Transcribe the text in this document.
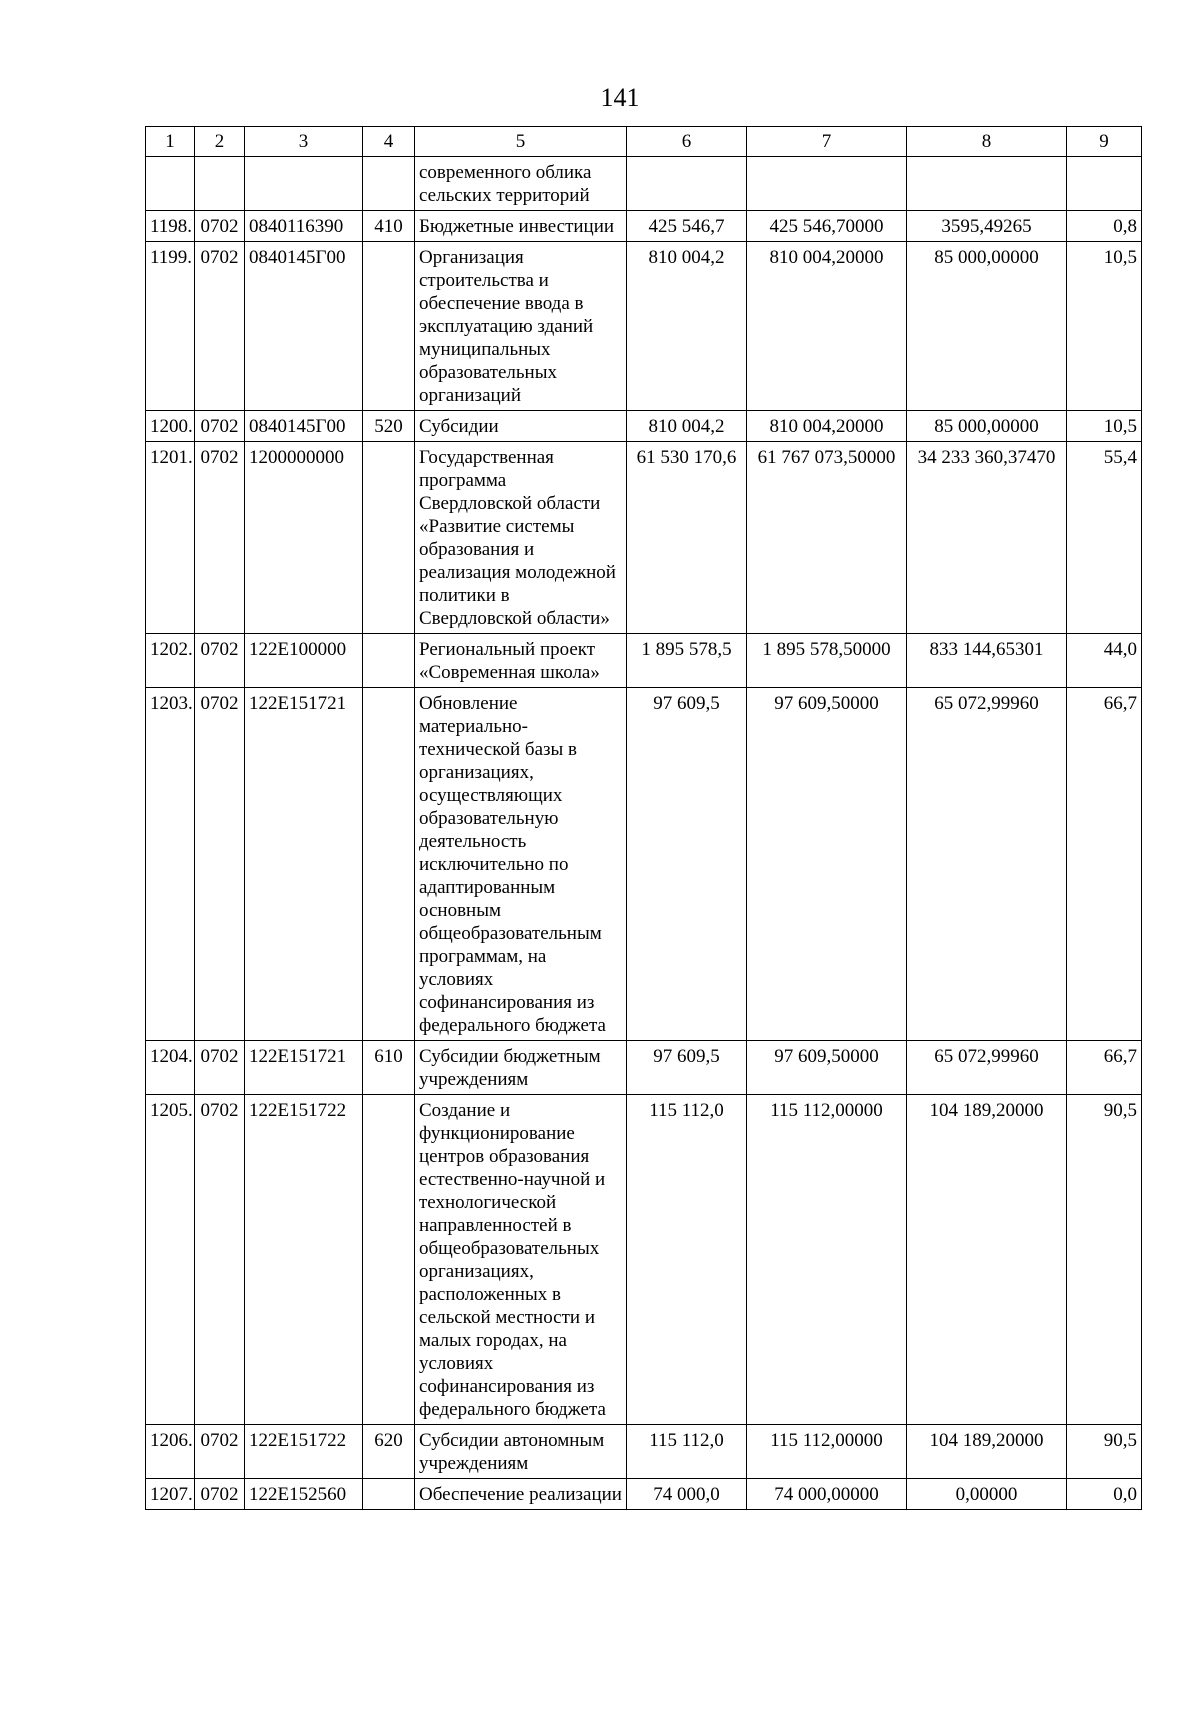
141
1	2	3	4	5	6	7	8	9
				современного облика сельских территорий				
1198.	0702	0840116390	410	Бюджетные инвестиции	425 546,7	425 546,70000	3595,49265	0,8
1199.	0702	0840145Г00		Организация строительства и обеспечение ввода в эксплуатацию зданий муниципальных образовательных организаций	810 004,2	810 004,20000	85 000,00000	10,5
1200.	0702	0840145Г00	520	Субсидии	810 004,2	810 004,20000	85 000,00000	10,5
1201.	0702	1200000000		Государственная программа Свердловской области «Развитие системы образования и реализация молодежной политики в Свердловской области»	61 530 170,6	61 767 073,50000	34 233 360,37470	55,4
1202.	0702	122E100000		Региональный проект «Современная школа»	1 895 578,5	1 895 578,50000	833 144,65301	44,0
1203.	0702	122E151721		Обновление материально-технической базы в организациях, осуществляющих образовательную деятельность исключительно по адаптированным основным общеобразовательным программам, на условиях софинансирования из федерального бюджета	97 609,5	97 609,50000	65 072,99960	66,7
1204.	0702	122E151721	610	Субсидии бюджетным учреждениям	97 609,5	97 609,50000	65 072,99960	66,7
1205.	0702	122E151722		Создание и функционирование центров образования естественно-научной и технологической направленностей в общеобразовательных организациях, расположенных в сельской местности и малых городах, на условиях софинансирования из федерального бюджета	115 112,0	115 112,00000	104 189,20000	90,5
1206.	0702	122E151722	620	Субсидии автономным учреждениям	115 112,0	115 112,00000	104 189,20000	90,5
1207.	0702	122E152560		Обеспечение реализации	74 000,0	74 000,00000	0,00000	0,0
